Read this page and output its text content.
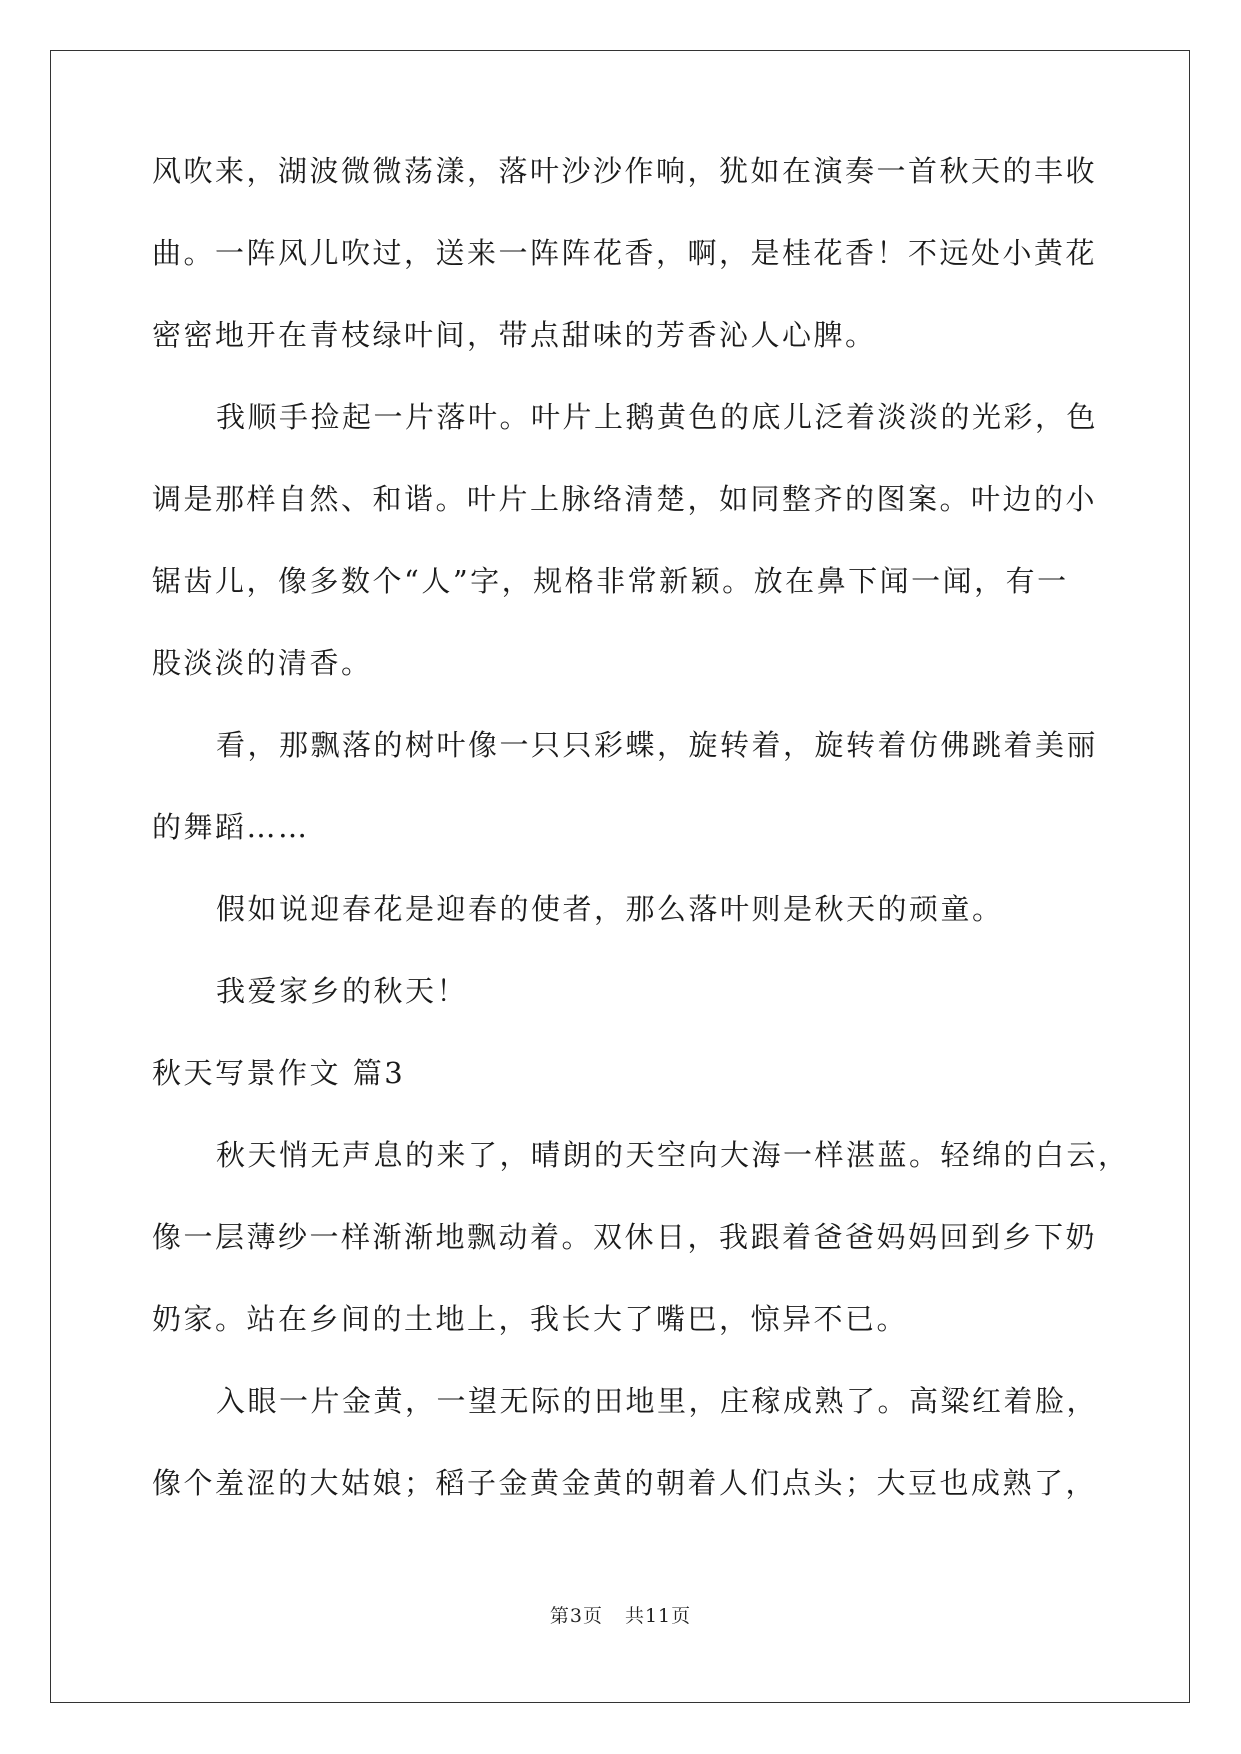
风吹来，湖波微微荡漾，落叶沙沙作响，犹如在演奏一首秋天的丰收
曲。一阵风儿吹过，送来一阵阵花香，啊，是桂花香！不远处小黄花
密密地开在青枝绿叶间，带点甜味的芳香沁人心脾。
我顺手捡起一片落叶。叶片上鹅黄色的底儿泛着淡淡的光彩，色
调是那样自然、和谐。叶片上脉络清楚，如同整齐的图案。叶边的小
锯齿儿，像多数个“人”字，规格非常新颖。放在鼻下闻一闻，有一
股淡淡的清香。
看，那飘落的树叶像一只只彩蝶，旋转着，旋转着仿佛跳着美丽
的舞蹈……
假如说迎春花是迎春的使者，那么落叶则是秋天的顽童。
我爱家乡的秋天！
秋天写景作文 篇3
秋天悄无声息的来了，晴朗的天空向大海一样湛蓝。轻绵的白云，
像一层薄纱一样渐渐地飘动着。双休日，我跟着爸爸妈妈回到乡下奶
奶家。站在乡间的土地上，我长大了嘴巴，惊异不已。
入眼一片金黄，一望无际的田地里，庄稼成熟了。高粱红着脸，
像个羞涩的大姑娘；稻子金黄金黄的朝着人们点头；大豆也成熟了，
第3页 共11页
